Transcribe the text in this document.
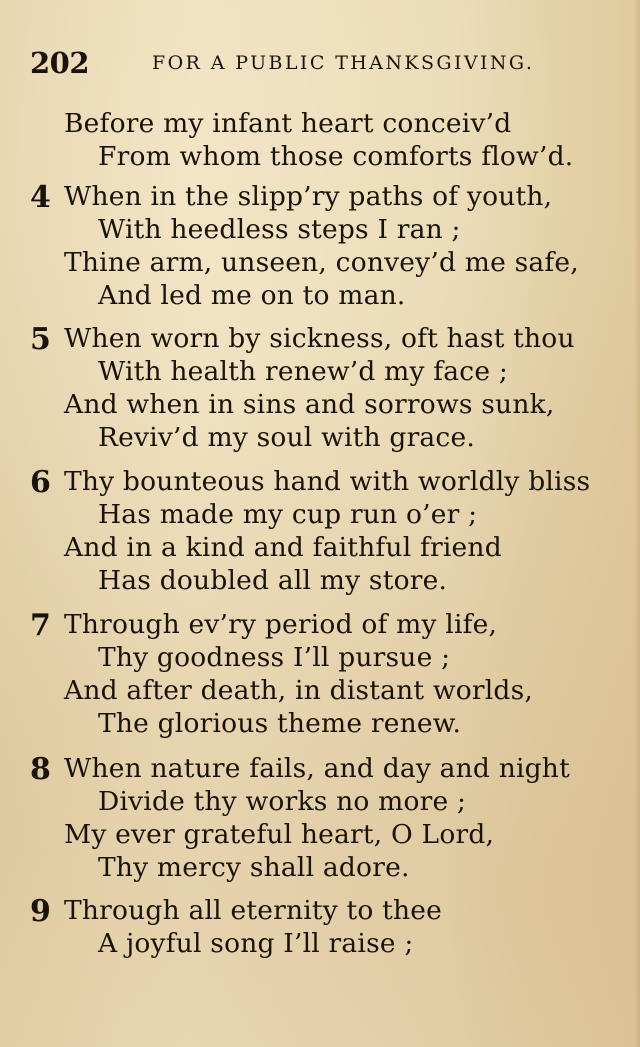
202	FOR A PUBLIC THANKSGIVING.
Before my infant heart conceiv’d
From whom those comforts flow’d.
4 When in the slipp’ry paths of youth,
With heedless steps I ran ;
Thine arm, unseen, convey’d me safe,
And led me on to man.
5 When worn by sickness, oft hast thou
With health renew’d my face ;
And when in sins and sorrows sunk,
Reviv’d my soul with grace.
6 Thy bounteous hand with worldly bliss
Has made my cup run o’er ;
And in a kind and faithful friend
Has doubled all my store.
7 Through ev’ry period of my life,
Thy goodness I’ll pursue ;
And after death, in distant worlds,
The glorious theme renew.
8 When nature fails, and day and night
Divide thy works no more ;
My ever grateful heart, O Lord,
Thy mercy shall adore.
9 Through all eternity to thee
A joyful song I’ll raise ;
